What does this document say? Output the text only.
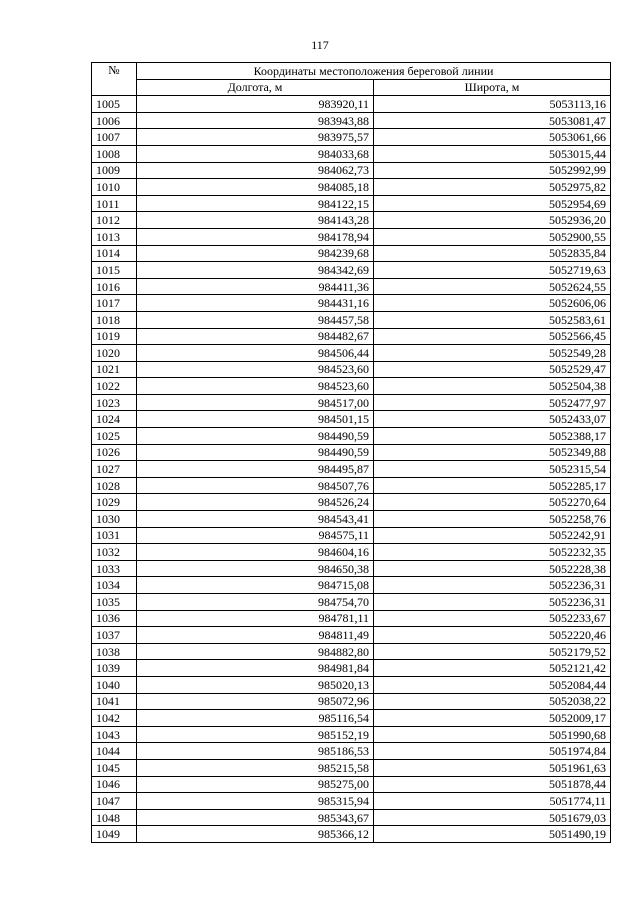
117
№	Координаты местоположения береговой линии	
	Долгота, м	Широта, м
1005	983920,11	5053113,16
1006	983943,88	5053081,47
1007	983975,57	5053061,66
1008	984033,68	5053015,44
1009	984062,73	5052992,99
1010	984085,18	5052975,82
1011	984122,15	5052954,69
1012	984143,28	5052936,20
1013	984178,94	5052900,55
1014	984239,68	5052835,84
1015	984342,69	5052719,63
1016	984411,36	5052624,55
1017	984431,16	5052606,06
1018	984457,58	5052583,61
1019	984482,67	5052566,45
1020	984506,44	5052549,28
1021	984523,60	5052529,47
1022	984523,60	5052504,38
1023	984517,00	5052477,97
1024	984501,15	5052433,07
1025	984490,59	5052388,17
1026	984490,59	5052349,88
1027	984495,87	5052315,54
1028	984507,76	5052285,17
1029	984526,24	5052270,64
1030	984543,41	5052258,76
1031	984575,11	5052242,91
1032	984604,16	5052232,35
1033	984650,38	5052228,38
1034	984715,08	5052236,31
1035	984754,70	5052236,31
1036	984781,11	5052233,67
1037	984811,49	5052220,46
1038	984882,80	5052179,52
1039	984981,84	5052121,42
1040	985020,13	5052084,44
1041	985072,96	5052038,22
1042	985116,54	5052009,17
1043	985152,19	5051990,68
1044	985186,53	5051974,84
1045	985215,58	5051961,63
1046	985275,00	5051878,44
1047	985315,94	5051774,11
1048	985343,67	5051679,03
1049	985366,12	5051490,19
